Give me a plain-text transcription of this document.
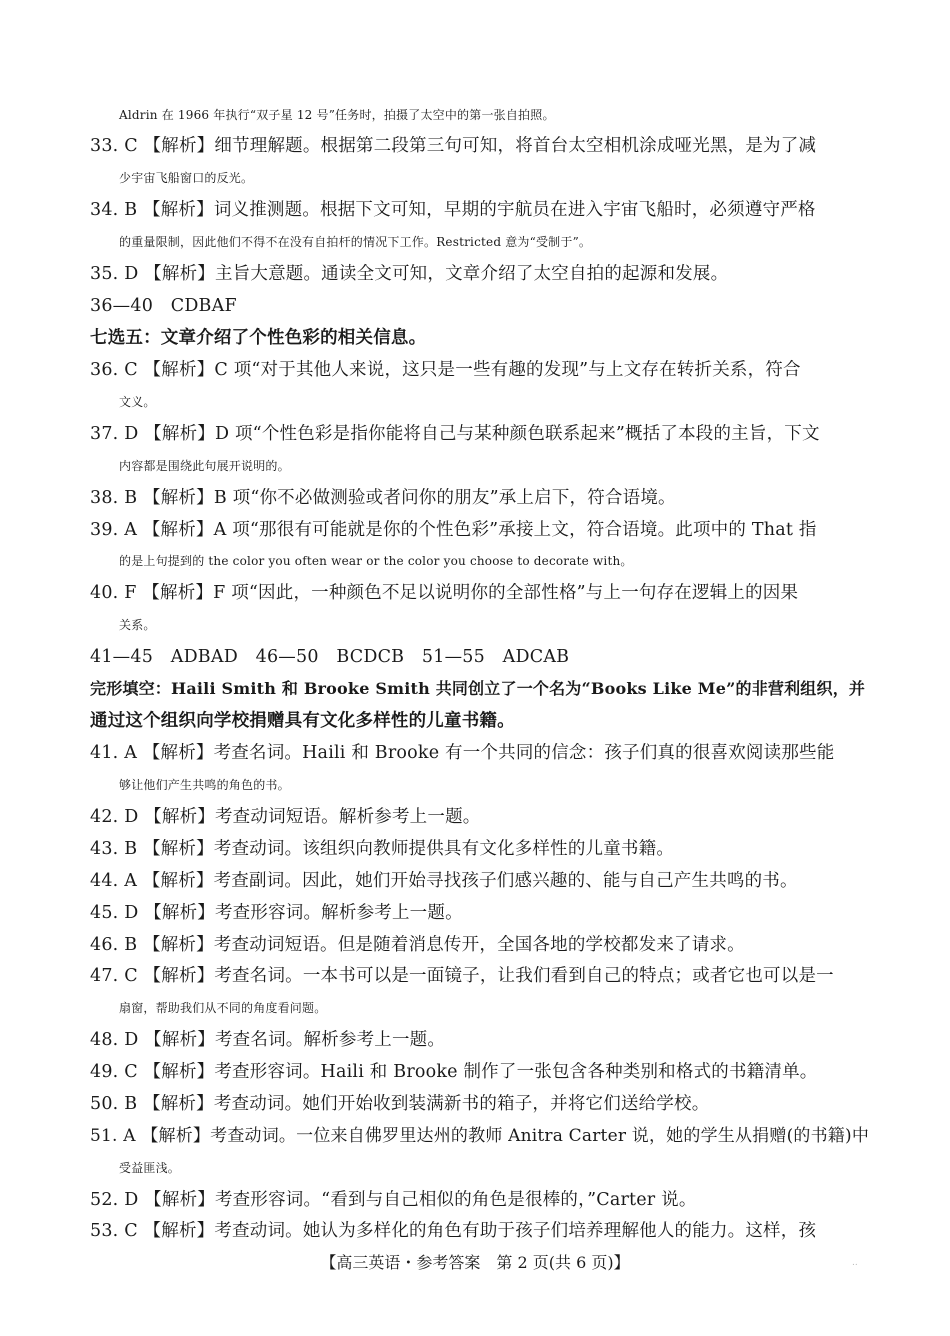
Aldrin 在 1966 年执行“双子星 12 号”任务时，拍摄了太空中的第一张自拍照。
33. C 【解析】细节理解题。根据第二段第三句可知，将首台太空相机涂成哑光黑，是为了减
少宇宙飞船窗口的反光。
34. B 【解析】词义推测题。根据下文可知，早期的宇航员在进入宇宙飞船时，必须遵守严格
的重量限制，因此他们不得不在没有自拍杆的情况下工作。Restricted 意为“受制于”。
35. D 【解析】主旨大意题。通读全文可知，文章介绍了太空自拍的起源和发展。
36—40　CDBAF
七选五：文章介绍了个性色彩的相关信息。
36. C 【解析】C 项“对于其他人来说，这只是一些有趣的发现”与上文存在转折关系，符合
文义。
37. D 【解析】D 项“个性色彩是指你能将自己与某种颜色联系起来”概括了本段的主旨，下文
内容都是围绕此句展开说明的。
38. B 【解析】B 项“你不必做测验或者问你的朋友”承上启下，符合语境。
39. A 【解析】A 项“那很有可能就是你的个性色彩”承接上文，符合语境。此项中的 That 指
的是上句提到的 the color you often wear or the color you choose to decorate with。
40. F 【解析】F 项“因此，一种颜色不足以说明你的全部性格”与上一句存在逻辑上的因果
关系。
41—45　ADBAD　46—50　BCDCB　51—55　ADCAB
完形填空：Haili Smith 和 Brooke Smith 共同创立了一个名为“Books Like Me”的非营利组织，并
通过这个组织向学校捐赠具有文化多样性的儿童书籍。
41. A 【解析】考查名词。Haili 和 Brooke 有一个共同的信念：孩子们真的很喜欢阅读那些能
够让他们产生共鸣的角色的书。
42. D 【解析】考查动词短语。解析参考上一题。
43. B 【解析】考查动词。该组织向教师提供具有文化多样性的儿童书籍。
44. A 【解析】考查副词。因此，她们开始寻找孩子们感兴趣的、能与自己产生共鸣的书。
45. D 【解析】考查形容词。解析参考上一题。
46. B 【解析】考查动词短语。但是随着消息传开，全国各地的学校都发来了请求。
47. C 【解析】考查名词。一本书可以是一面镜子，让我们看到自己的特点；或者它也可以是一
扇窗，帮助我们从不同的角度看问题。
48. D 【解析】考查名词。解析参考上一题。
49. C 【解析】考查形容词。Haili 和 Brooke 制作了一张包含各种类别和格式的书籍清单。
50. B 【解析】考查动词。她们开始收到装满新书的箱子，并将它们送给学校。
51. A 【解析】考查动词。一位来自佛罗里达州的教师 Anitra Carter 说，她的学生从捐赠(的书籍)中
受益匪浅。
52. D 【解析】考查形容词。“看到与自己相似的角色是很棒的，”Carter 说。
53. C 【解析】考查动词。她认为多样化的角色有助于孩子们培养理解他人的能力。这样，孩
【高三英语・参考答案　第 2 页(共 6 页)】	..
